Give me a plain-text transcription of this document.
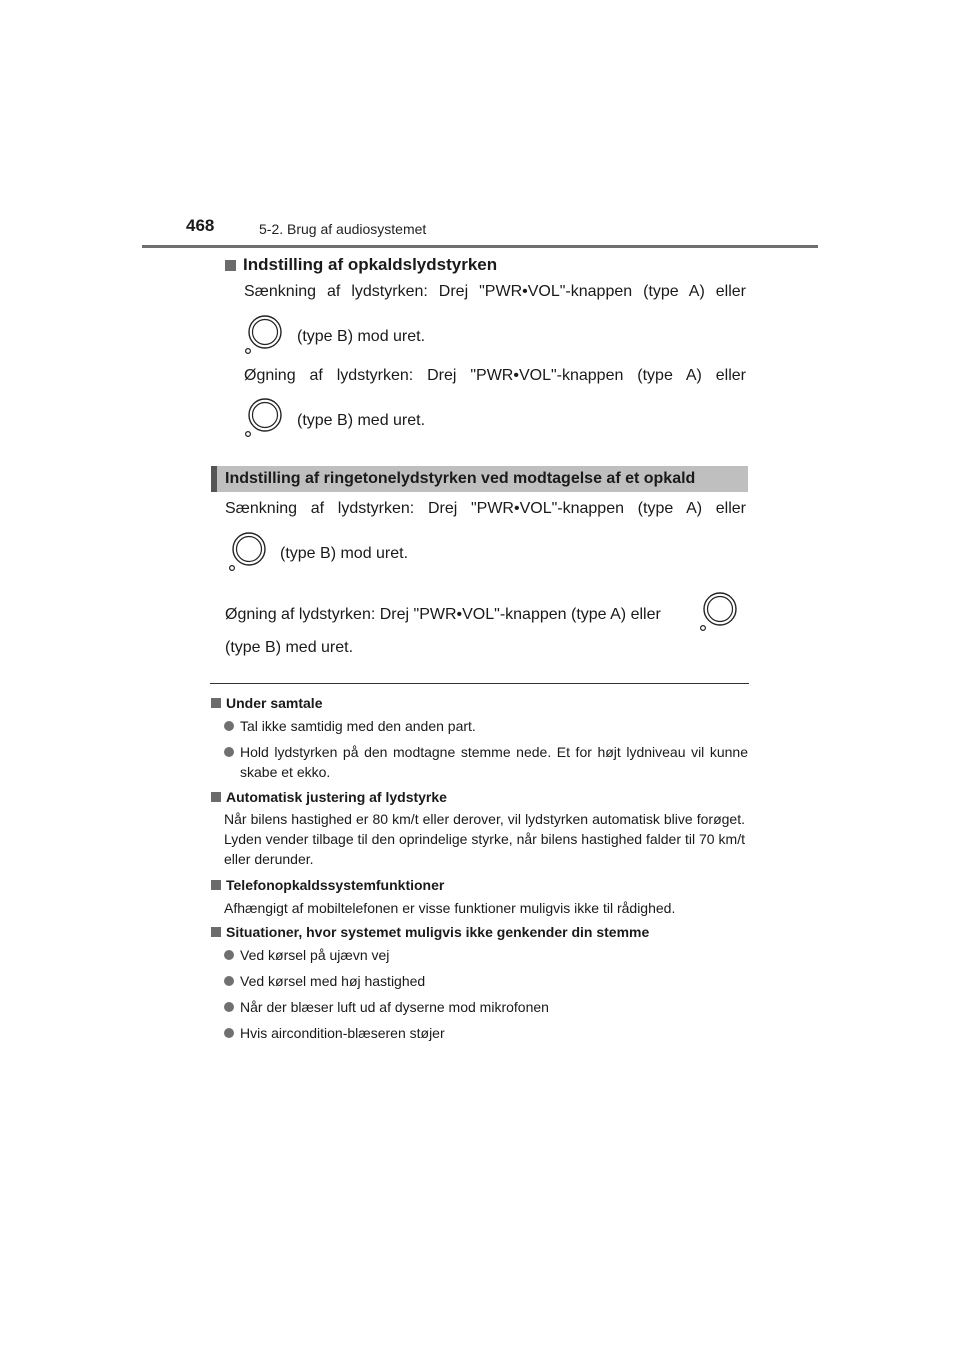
468	5-2. Brug af audiosystemet
Indstilling af opkaldslydstyrken
Sænkning af lydstyrken: Drej "PWR•VOL"-knappen (type A) eller
(type B) mod uret.
Øgning af lydstyrken: Drej "PWR•VOL"-knappen (type A) eller
(type B) med uret.
Indstilling af ringetonelydstyrken ved modtagelse af et opkald
Sænkning af lydstyrken: Drej "PWR•VOL"-knappen (type A) eller
(type B) mod uret.
Øgning af lydstyrken: Drej "PWR•VOL"-knappen (type A) eller
(type B) med uret.
Under samtale
Tal ikke samtidig med den anden part.
Hold lydstyrken på den modtagne stemme nede. Et for højt lydniveau vil kunne skabe et ekko.
Automatisk justering af lydstyrke
Når bilens hastighed er 80 km/t eller derover, vil lydstyrken automatisk blive forøget. Lyden vender tilbage til den oprindelige styrke, når bilens hastighed falder til 70 km/t eller derunder.
Telefonopkaldssystemfunktioner
Afhængigt af mobiltelefonen er visse funktioner muligvis ikke til rådighed.
Situationer, hvor systemet muligvis ikke genkender din stemme
Ved kørsel på ujævn vej
Ved kørsel med høj hastighed
Når der blæser luft ud af dyserne mod mikrofonen
Hvis aircondition-blæseren støjer
